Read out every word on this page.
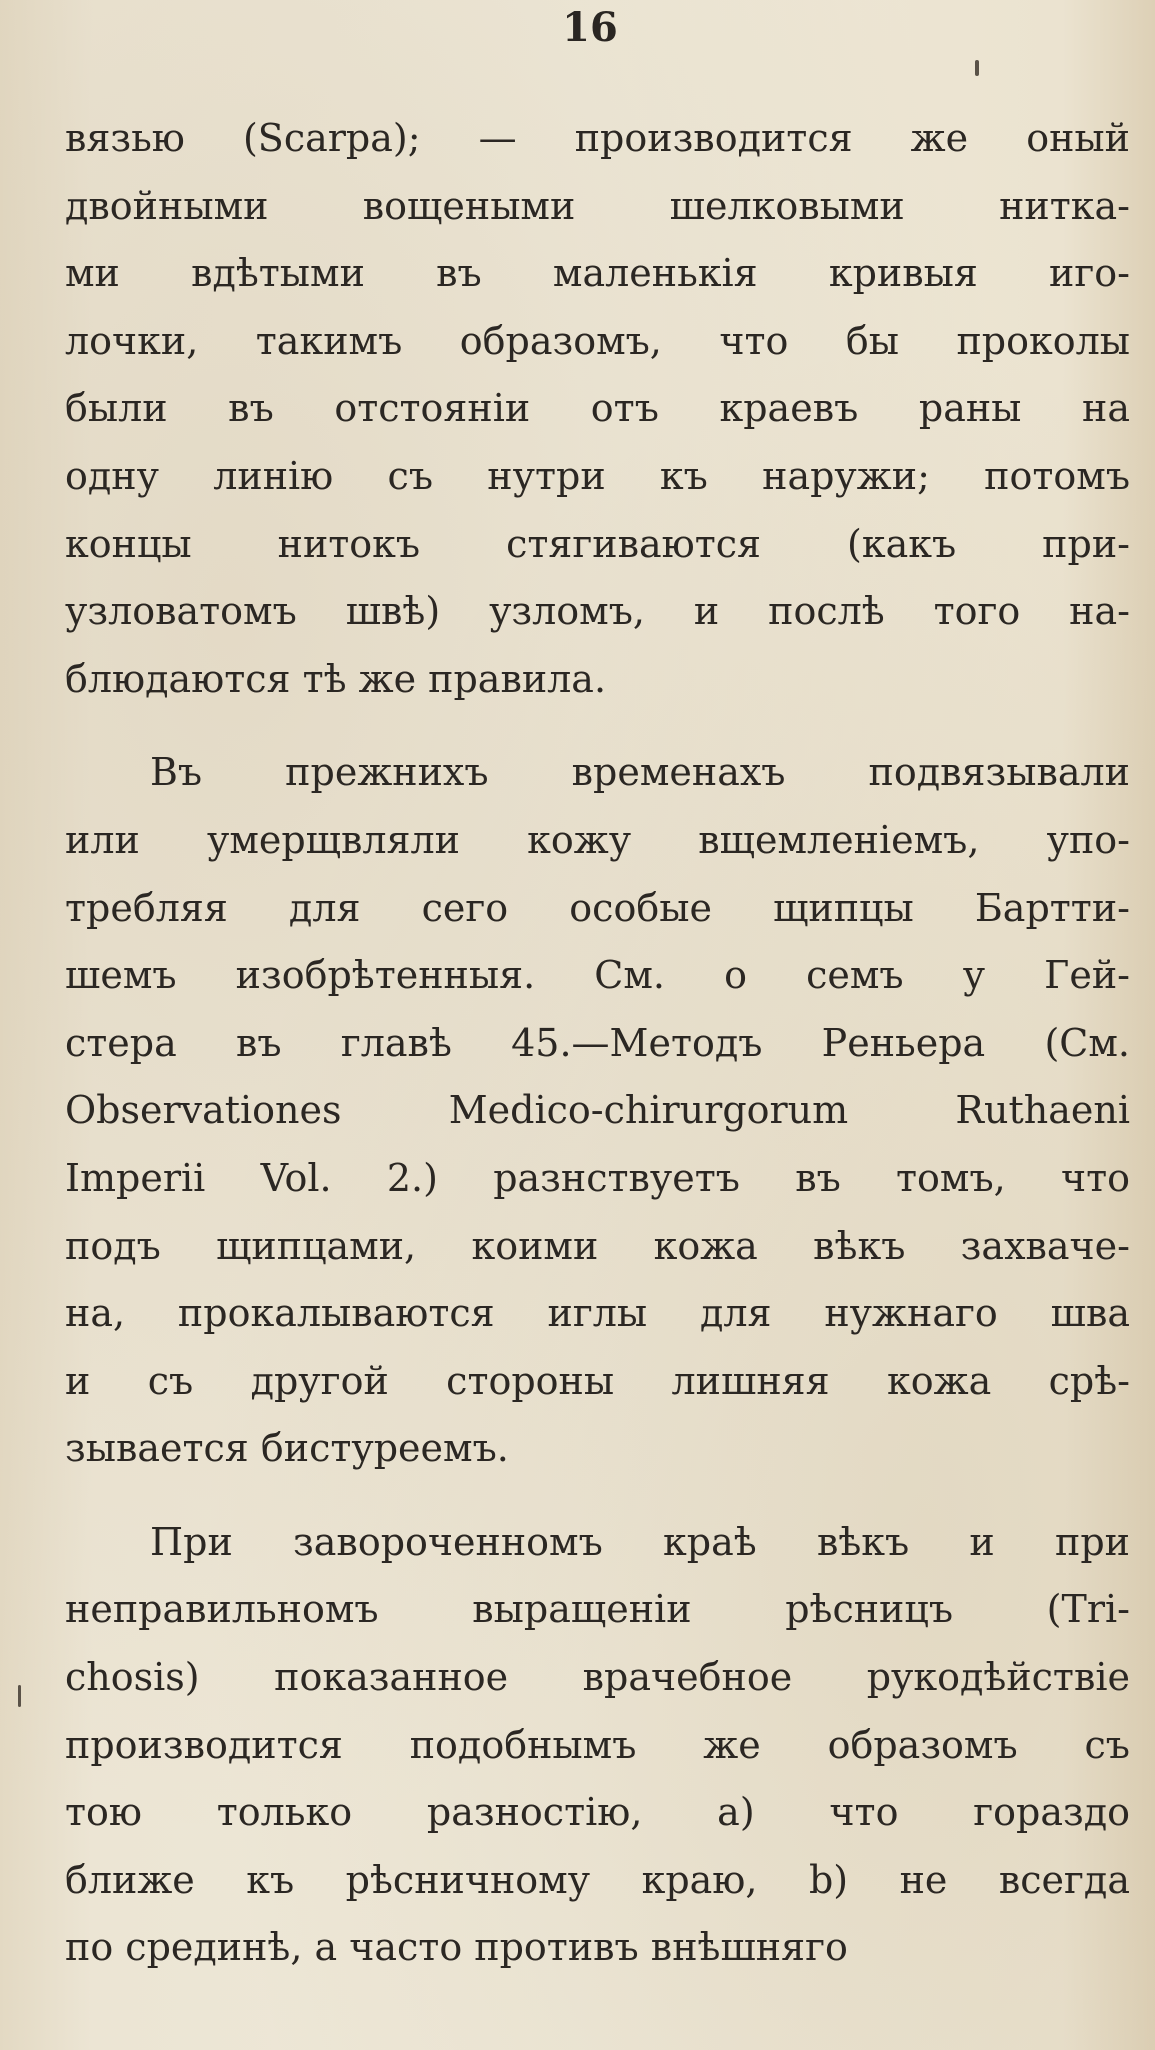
16
вязью (Scarpa); — производится же оный
двойными вощеными шелковыми нитка-
ми вдѣтыми въ маленькія кривыя иго-
лочки, такимъ образомъ, что бы проколы
были въ отстояніи отъ краевъ раны на
одну линію съ нутри къ наружи; потомъ
концы нитокъ стягиваются (какъ при-
узловатомъ швѣ) узломъ, и послѣ того на-
блюдаются тѣ же правила.
Въ прежнихъ временахъ подвязывали
или умерщвляли кожу вщемленіемъ, упо-
требляя для сего особые щипцы Бартти-
шемъ изобрѣтенныя. См. о семъ у Гей-
стера въ главѣ 45.—Методъ Реньера (См.
Observationes Medico-chirurgorum Ruthaeni
Imperii Vol. 2.) разнствуетъ въ томъ, что
подъ щипцами, коими кожа вѣкъ захваче-
на, прокалываются иглы для нужнаго шва
и съ другой стороны лишняя кожа срѣ-
зывается бистуреемъ.
При завороченномъ краѣ вѣкъ и при
неправильномъ выращеніи рѣсницъ (Tri-
chosis) показанное врачебное рукодѣйствіе
производится подобнымъ же образомъ съ
тою только разностію, а) что гораздо
ближе къ рѣсничному краю, b) не всегда
по срединѣ, а часто противъ внѣшняго
